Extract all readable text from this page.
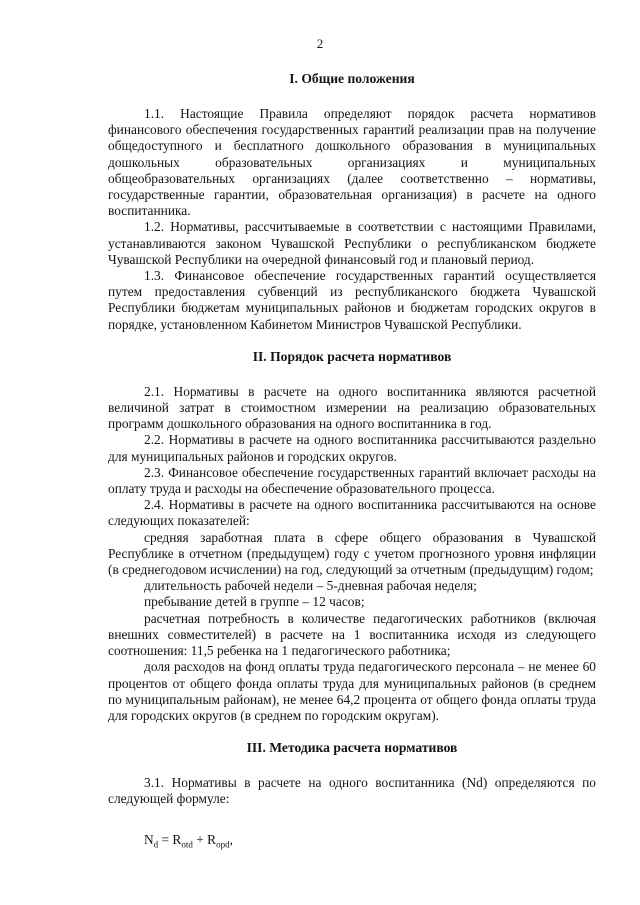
2
I. Общие положения

1.1. Настоящие Правила определяют порядок расчета нормативов финансового обеспечения государственных гарантий реализации прав на получение общедоступного и бесплатного дошкольного образования в муниципальных дошкольных образовательных организациях и муниципальных общеобразовательных организациях (далее соответственно – нормативы, государственные гарантии, образовательная организация) в расчете на одного воспитанника.

1.2. Нормативы, рассчитываемые в соответствии с настоящими Правилами, устанавливаются законом Чувашской Республики о республиканском бюджете Чувашской Республики на очередной финансовый год и плановый период.

1.3. Финансовое обеспечение государственных гарантий осуществляется путем предоставления субвенций из республиканского бюджета Чувашской Республики бюджетам муниципальных районов и бюджетам городских округов в порядке, установленном Кабинетом Министров Чувашской Республики.

II. Порядок расчета нормативов

2.1. Нормативы в расчете на одного воспитанника являются расчетной величиной затрат в стоимостном измерении на реализацию образовательных программ дошкольного образования на одного воспитанника в год.

2.2. Нормативы в расчете на одного воспитанника рассчитываются раздельно для муниципальных районов и городских округов.

2.3. Финансовое обеспечение государственных гарантий включает расходы на оплату труда и расходы на обеспечение образовательного процесса.

2.4. Нормативы в расчете на одного воспитанника рассчитываются на основе следующих показателей:

средняя заработная плата в сфере общего образования в Чувашской Республике в отчетном (предыдущем) году с учетом прогнозного уровня инфляции (в среднегодовом исчислении) на год, следующий за отчетным (предыдущим) годом;

длительность рабочей недели – 5-дневная рабочая неделя;

пребывание детей в группе – 12 часов;

расчетная потребность в количестве педагогических работников (включая внешних совместителей) в расчете на 1 воспитанника исходя из следующего соотношения: 11,5 ребенка на 1 педагогического работника;

доля расходов на фонд оплаты труда педагогического персонала – не менее 60 процентов от общего фонда оплаты труда для муниципальных районов (в среднем по муниципальным районам), не менее 64,2 процента от общего фонда оплаты труда для городских округов (в среднем по городским округам).

III. Методика расчета нормативов

3.1. Нормативы в расчете на одного воспитанника (Nd) определяются по следующей формуле:

$N_d = R_{otd} + R_{opd}$,
